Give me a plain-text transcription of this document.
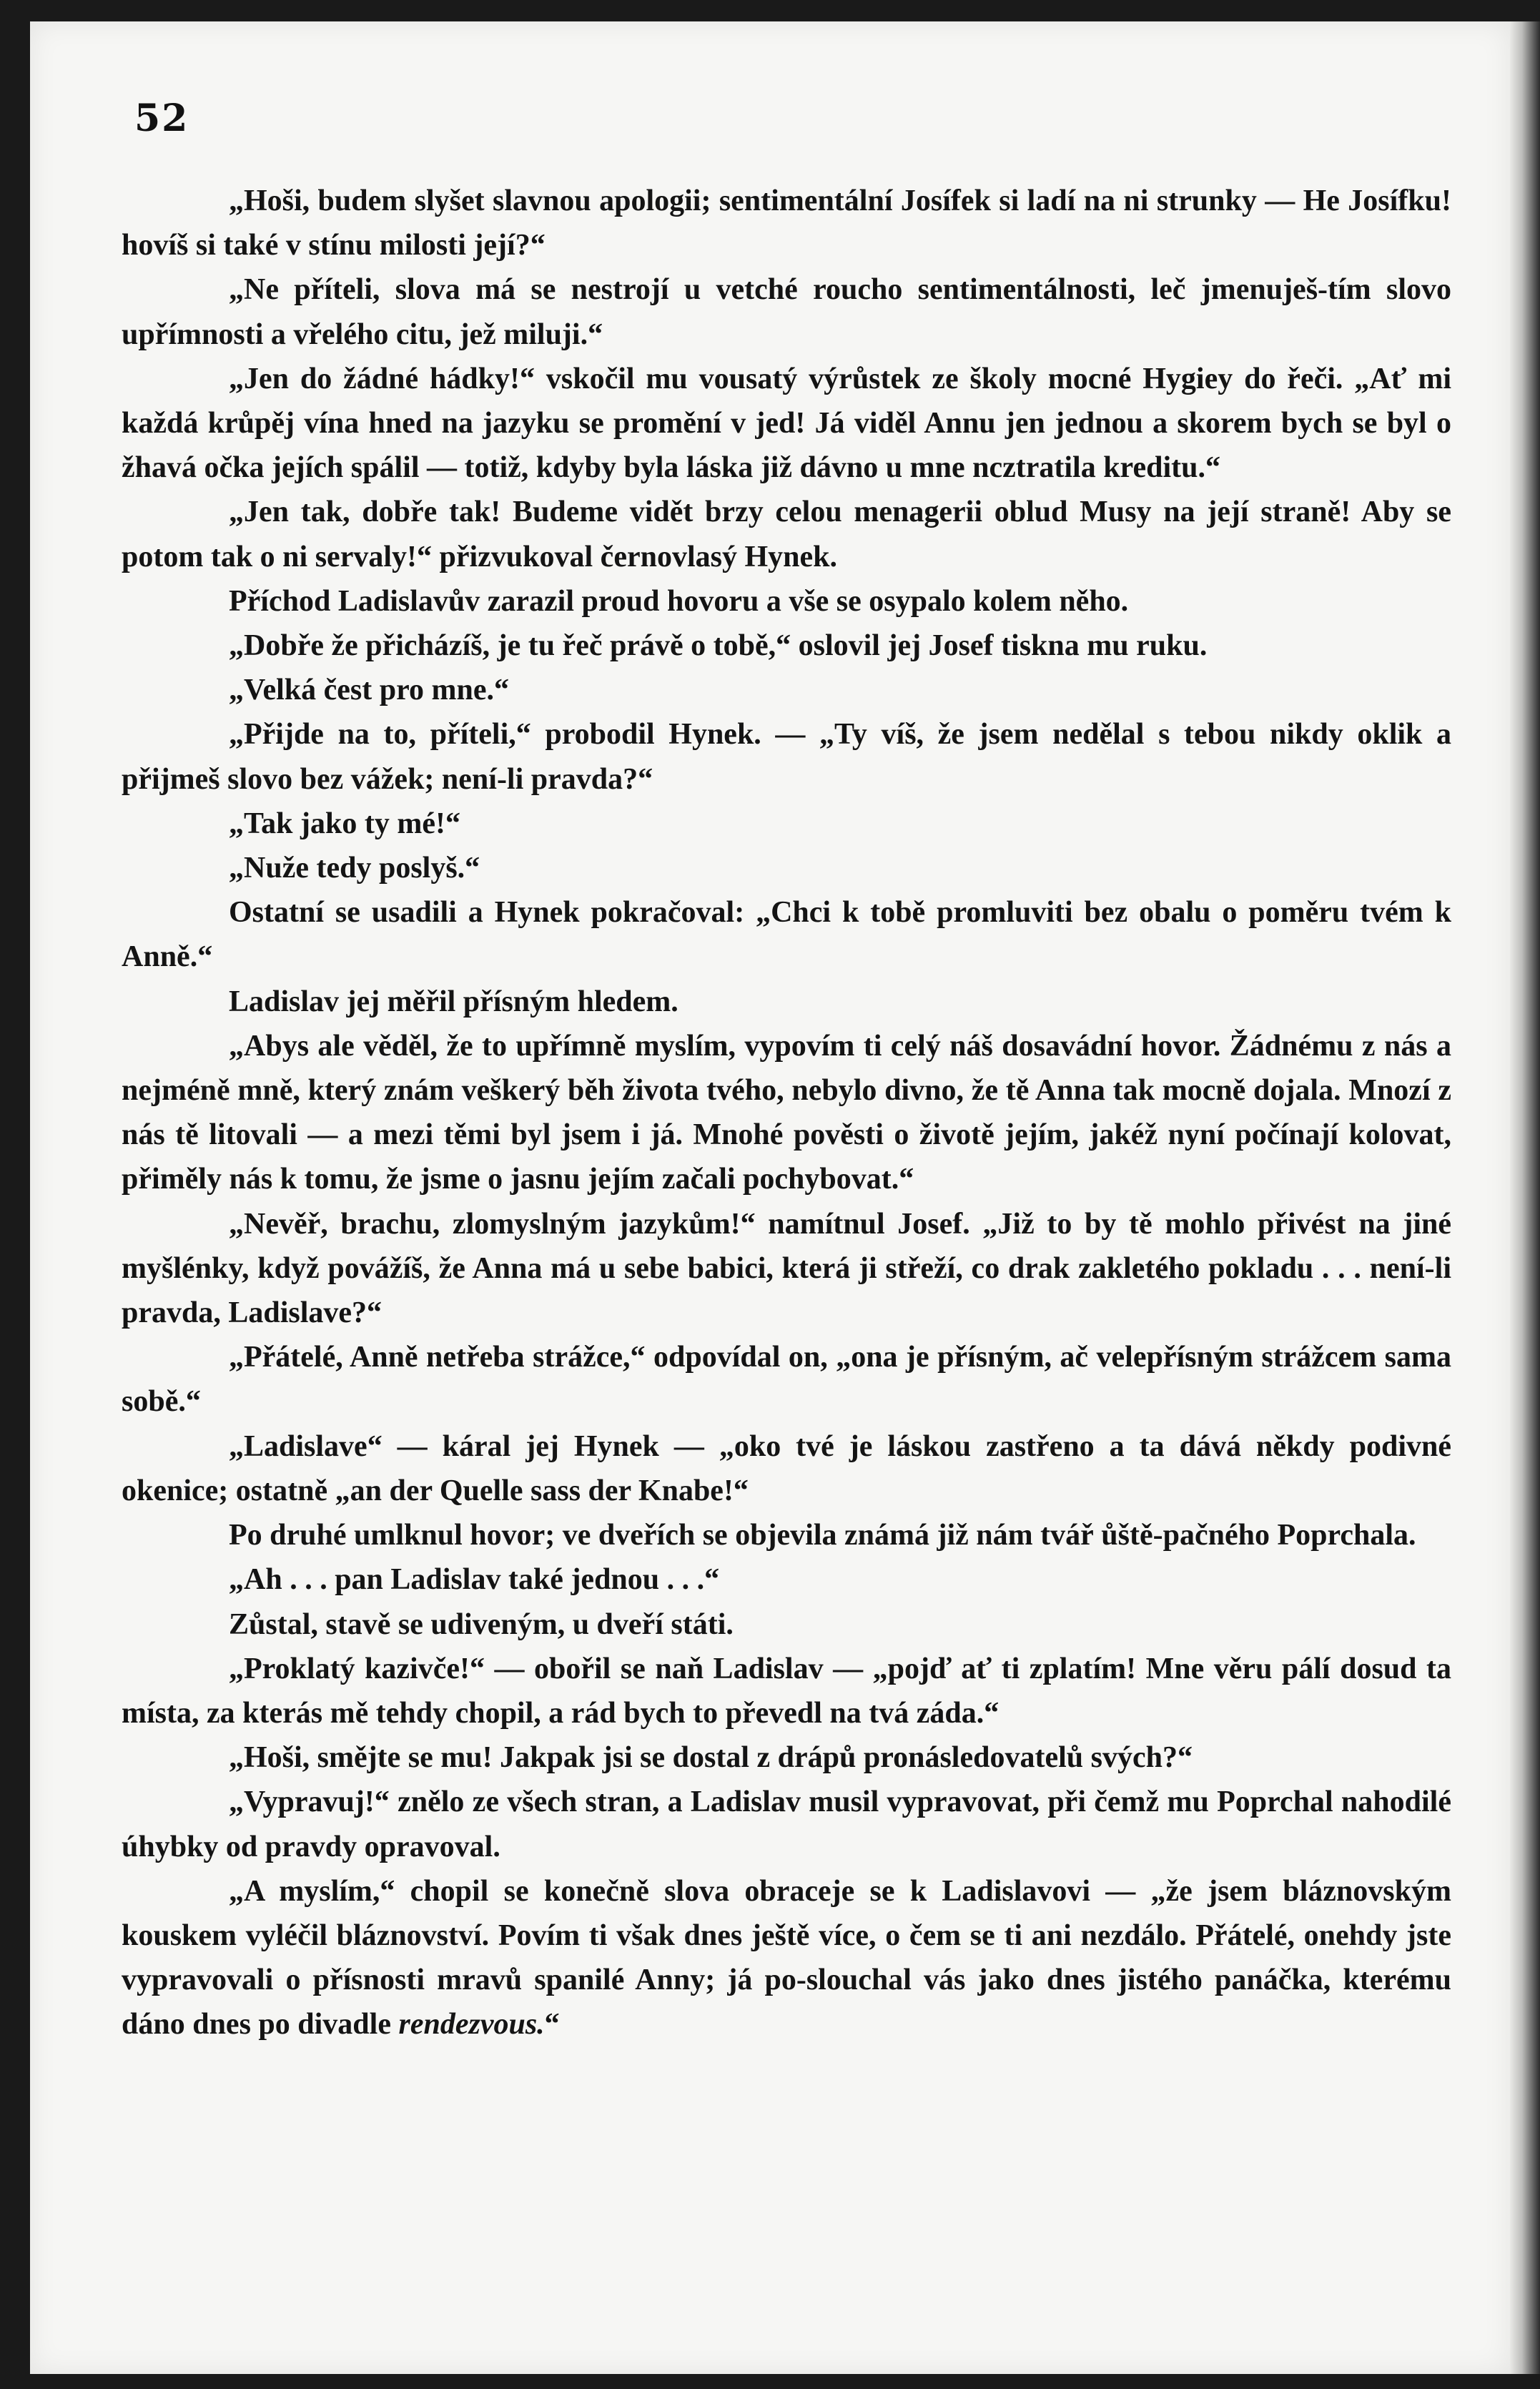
52

„Hoši, budem slyšet slavnou apologii; sentimentální Josífek si ladí na ni strunky — He Josífku! hovíš si také v stínu milosti její?“

„Ne příteli, slova má se nestrojí u vetché roucho sentimentálnosti, leč jmenuješ-tím slovo upřímnosti a vřelého citu, jež miluji.“

„Jen do žádné hádky!“ vskočil mu vousatý výrůstek ze školy mocné Hygiey do řeči. „Ať mi každá krůpěj vína hned na jazyku se promění v jed! Já viděl Annu jen jednou a skorem bych se byl o žhavá očka jejích spálil — totiž, kdyby byla láska již dávno u mne ncztratila kreditu.“

„Jen tak, dobře tak! Budeme vidět brzy celou menagerii oblud Musy na její straně! Aby se potom tak o ni servaly!“ přizvukoval černovlasý Hynek.

Příchod Ladislavův zarazil proud hovoru a vše se osypalo kolem něho.

„Dobře že přicházíš, je tu řeč právě o tobě,“ oslovil jej Josef tiskna mu ruku.

„Velká čest pro mne.“

„Přijde na to, příteli,“ probodil Hynek. — „Ty víš, že jsem nedělal s tebou nikdy oklik a přijmeš slovo bez vážek; není-li pravda?“

„Tak jako ty mé!“

„Nuže tedy poslyš.“

Ostatní se usadili a Hynek pokračoval: „Chci k tobě promluviti bez obalu o poměru tvém k Anně.“

Ladislav jej měřil přísným hledem.

„Abys ale věděl, že to upřímně myslím, vypovím ti celý náš dosavádní hovor. Žádnému z nás a nejméně mně, který znám veškerý běh života tvého, nebylo divno, že tě Anna tak mocně dojala. Mnozí z nás tě litovali — a mezi těmi byl jsem i já. Mnohé pověsti o životě jejím, jakéž nyní počínají kolovat, přiměly nás k tomu, že jsme o jasnu jejím začali pochybovat.“

„Nevěř, brachu, zlomyslným jazykům!“ namítnul Josef. „Již to by tě mohlo přivést na jiné myšlénky, když povážíš, že Anna má u sebe babici, která ji střeží, co drak zakletého pokladu . . . není-li pravda, Ladislave?“

„Přátelé, Anně netřeba strážce,“ odpovídal on, „ona je přísným, ač velepřísným strážcem sama sobě.“

„Ladislave“ — káral jej Hynek — „oko tvé je láskou zastřeno a ta dává někdy podivné okenice; ostatně „an der Quelle sass der Knabe!“

Po druhé umlknul hovor; ve dveřích se objevila známá již nám tvář ůště-pačného Poprchala.

„Ah . . . pan Ladislav také jednou . . .“

Zůstal, stavě se udiveným, u dveří státi.

„Proklatý kazivče!“ — obořil se naň Ladislav — „pojď ať ti zplatím! Mne věru pálí dosud ta místa, za kterás mě tehdy chopil, a rád bych to převedl na tvá záda.“

„Hoši, smějte se mu! Jakpak jsi se dostal z drápů pronásledovatelů svých?“

„Vypravuj!“ znělo ze všech stran, a Ladislav musil vypravovat, při čemž mu Poprchal nahodilé úhybky od pravdy opravoval.

„A myslím,“ chopil se konečně slova obraceje se k Ladislavovi — „že jsem bláznovským kouskem vyléčil bláznovství. Povím ti však dnes ještě více, o čem se ti ani nezdálo. Přátelé, onehdy jste vypravovali o přísnosti mravů spanilé Anny; já po-slouchal vás jako dnes jistého panáčka, kterému dáno dnes po divadle rendezvous.“
